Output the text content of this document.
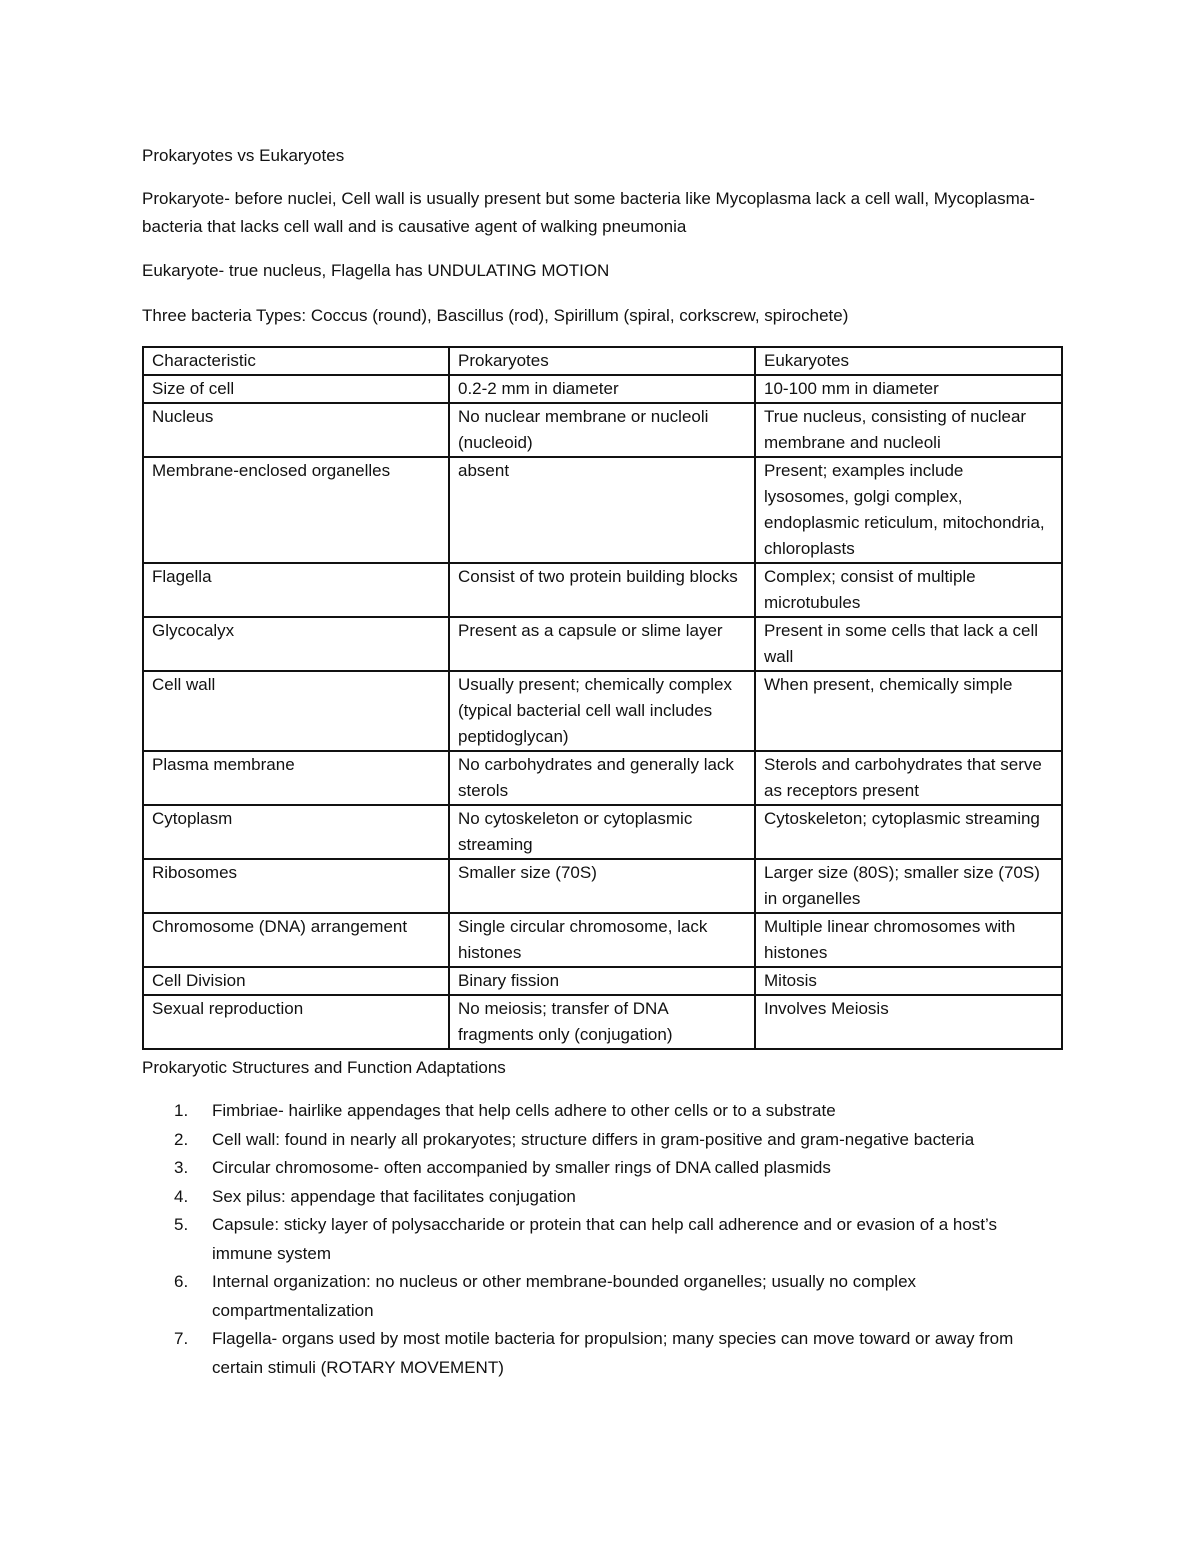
Prokaryotes vs Eukaryotes

Prokaryote- before nuclei, Cell wall is usually present but some bacteria like Mycoplasma lack a cell wall, Mycoplasma- bacteria that lacks cell wall and is causative agent of walking pneumonia

Eukaryote- true nucleus, Flagella has UNDULATING MOTION

Three bacteria Types: Coccus (round), Bascillus (rod), Spirillum (spiral, corkscrew, spirochete)

Characteristic	Prokaryotes	Eukaryotes
Size of cell	0.2-2 mm in diameter	10-100 mm in diameter
Nucleus	No nuclear membrane or nucleoli (nucleoid)	True nucleus, consisting of nuclear membrane and nucleoli
Membrane-enclosed organelles	absent	Present; examples include lysosomes, golgi complex, endoplasmic reticulum, mitochondria, chloroplasts
Flagella	Consist of two protein building blocks	Complex; consist of multiple microtubules
Glycocalyx	Present as a capsule or slime layer	Present in some cells that lack a cell wall
Cell wall	Usually present; chemically complex (typical bacterial cell wall includes peptidoglycan)	When present, chemically simple
Plasma membrane	No carbohydrates and generally lack sterols	Sterols and carbohydrates that serve as receptors present
Cytoplasm	No cytoskeleton or cytoplasmic streaming	Cytoskeleton; cytoplasmic streaming
Ribosomes	Smaller size (70S)	Larger size (80S); smaller size (70S) in organelles
Chromosome (DNA) arrangement	Single circular chromosome, lack histones	Multiple linear chromosomes with histones
Cell Division	Binary fission	Mitosis
Sexual reproduction	No meiosis; transfer of DNA fragments only (conjugation)	Involves Meiosis

Prokaryotic Structures and Function Adaptations

1. Fimbriae- hairlike appendages that help cells adhere to other cells or to a substrate
2. Cell wall: found in nearly all prokaryotes; structure differs in gram-positive and gram-negative bacteria
3. Circular chromosome- often accompanied by smaller rings of DNA called plasmids
4. Sex pilus: appendage that facilitates conjugation
5. Capsule: sticky layer of polysaccharide or protein that can help call adherence and or evasion of a host’s immune system
6. Internal organization: no nucleus or other membrane-bounded organelles; usually no complex compartmentalization
7. Flagella- organs used by most motile bacteria for propulsion; many species can move toward or away from certain stimuli (ROTARY MOVEMENT)
